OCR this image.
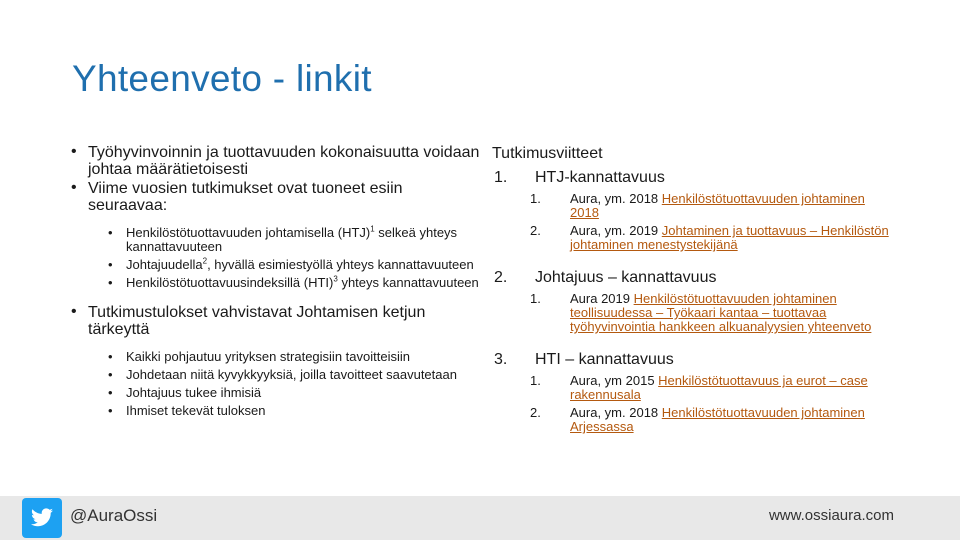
Yhteenveto - linkit
• Työhyvinvoinnin ja tuottavuuden kokonaisuutta voidaan johtaa määrätietoisesti
• Viime vuosien tutkimukset ovat tuoneet esiin seuraavaa:
• Henkilöstötuottavuuden johtamisella (HTJ)$^1$ selkeä yhteys kannattavuuteen
• Johtajuudella$^2$, hyvällä esimiestyöllä yhteys kannattavuuteen
• Henkilöstötuottavuusindeksillä (HTI)$^3$ yhteys kannattavuuteen
• Tutkimustulokset vahvistavat Johtamisen ketjun tärkeyttä
• Kaikki pohjautuu yrityksen strategisiin tavoitteisiin
• Johdetaan niitä kyvykkyyksiä, joilla tavoitteet saavutetaan
• Johtajuus tukee ihmisiä
• Ihmiset tekevät tuloksen
Tutkimusviitteet
1. HTJ-kannattavuus
1. Aura, ym. 2018 Henkilöstötuottavuuden johtaminen 2018
2. Aura, ym. 2019 Johtaminen ja tuottavuus – Henkilöstön johtaminen menestystekijänä
2. Johtajuus – kannattavuus
1. Aura 2019 Henkilöstötuottavuuden johtaminen teollisuudessa – Työkaari kantaa – tuottavaa työhyvinvointia hankkeen alkuanalyysien yhteenveto
3. HTI – kannattavuus
1. Aura, ym 2015 Henkilöstötuottavuus ja eurot – case rakennusala
2. Aura, ym. 2018 Henkilöstötuottavuuden johtaminen Arjessassa
@AuraOssi	www.ossiaura.com
